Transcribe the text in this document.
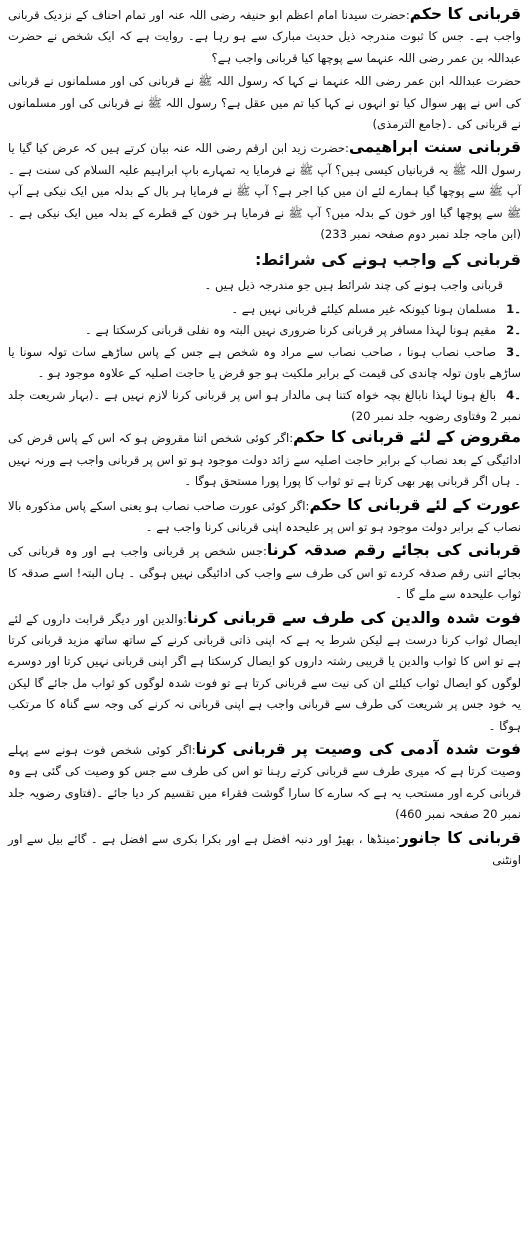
قربانی کا حکم:حضرت سیدنا امام اعظم ابو حنیفہ رضی اللہ عنہ اور تمام احناف کے نزدیک قربانی واجب ہے۔ جس کا ثبوت مندرجہ ذیل حدیث مبارک سے ہو رہا ہے۔ روایت ہے کہ ایک شخص نے حضرت عبداللہ بن عمر رضی اللہ عنہما سے پوچھا کیا قربانی واجب ہے؟

حضرت عبداللہ ابن عمر رضی اللہ عنہما نے کہا کہ رسول اللہ ﷺ نے قربانی کی اور مسلمانوں نے قربانی کی اس نے پھر سوال کیا تو انہوں نے کہا کیا تم میں عقل ہے؟ رسول اللہ ﷺ نے قربانی کی اور مسلمانوں نے قربانی کی ۔(جامع الترمذی)

قربانی سنت ابراھیمی:حضرت زید ابن ارقم رضی اللہ عنہ بیان کرتے ہیں کہ عرض کیا گیا یا رسول اللہ ﷺ یہ قربانیاں کیسی ہیں؟ آپ ﷺ نے فرمایا یہ تمہارے باپ ابراہیم علیہ السلام کی سنت ہے ۔ آپ ﷺ سے پوچھا گیا ہمارے لئے ان میں کیا اجر ہے؟ آپ ﷺ نے فرمایا ہر بال کے بدلہ میں ایک نیکی ہے آپ ﷺ سے پوچھا گیا اور خون کے بدلہ میں؟ آپ ﷺ نے فرمایا ہر خون کے قطرے کے بدلہ میں ایک نیکی ہے ۔(ابن ماجہ جلد نمبر دوم صفحہ نمبر 233)

قربانی کے واجب ہونے کی شرائط:

قربانی واجب ہونے کی چند شرائط ہیں جو مندرجہ ذیل ہیں ۔

۔1مسلمان ہونا کیونکہ غیر مسلم کیلئے قربانی نہیں ہے ۔
۔2مقیم ہونا لہذا مسافر پر قربانی کرنا ضروری نہیں البتہ وہ نفلی قربانی کرسکتا ہے ۔
۔3صاحب نصاب ہونا ، صاحب نصاب سے مراد وہ شخص ہے جس کے پاس ساڑھے سات تولہ سونا یا ساڑھے باون تولہ چاندی کی قیمت کے برابر ملکیت ہو جو قرض یا حاجت اصلیہ کے علاوہ موجود ہو ۔
۔4بالغ ہونا لہذا نابالغ بچہ خواہ کتنا ہی مالدار ہو اس پر قربانی کرنا لازم نہیں ہے ۔(بہار شریعت جلد نمبر 2 وفتاوی رضویہ جلد نمبر 20)

مقروض کے لئے قربانی کا حکم:اگر کوئی شخص اتنا مقروض ہو کہ اس کے پاس قرض کی ادائیگی کے بعد نصاب کے برابر حاجت اصلیہ سے زائد دولت موجود ہو تو اس پر قربانی واجب ہے ورنہ نہیں ۔ ہاں اگر قربانی پھر بھی کرتا ہے تو ثواب کا پورا پورا مستحق ہوگا ۔

عورت کے لئے قربانی کا حکم:اگر کوئی عورت صاحب نصاب ہو یعنی اسکے پاس مذکورہ بالا نصاب کے برابر دولت موجود ہو تو اس پر علیحدہ اپنی قربانی کرنا واجب ہے ۔

قربانی کی بجائے رقم صدقہ کرنا:جس شخص پر قربانی واجب ہے اور وہ قربانی کی بجائے اتنی رقم صدقہ کردے تو اس کی طرف سے واجب کی ادائیگی نہیں ہوگی ۔ ہاں البتہ! اسے صدقہ کا ثواب علیحدہ سے ملے گا ۔

فوت شدہ والدین کی طرف سے قربانی کرنا:والدین اور دیگر قرابت داروں کے لئے ایصال ثواب کرنا درست ہے لیکن شرط یہ ہے کہ اپنی ذاتی قربانی کرنے کے ساتھ ساتھ مزید قربانی کرتا ہے تو اس کا ثواب والدین یا قریبی رشتہ داروں کو ایصال کرسکتا ہے اگر اپنی قربانی نہیں کرتا اور دوسرے لوگوں کو ایصال ثواب کیلئے ان کی نیت سے قربانی کرتا ہے تو فوت شدہ لوگوں کو ثواب مل جائے گا لیکن یہ خود جس پر شریعت کی طرف سے قربانی واجب ہے اپنی قربانی نہ کرنے کی وجہ سے گناہ کا مرتکب ہوگا ۔

فوت شدہ آدمی کی وصیت پر قربانی کرنا:اگر کوئی شخص فوت ہونے سے پہلے وصیت کرتا ہے کہ میری طرف سے قربانی کرتے رہنا تو اس کی طرف سے جس کو وصیت کی گئی ہے وہ قربانی کرے اور مستحب یہ ہے کہ سارے کا سارا گوشت فقراء میں تقسیم کر دیا جائے ۔(فتاوی رضویہ جلد نمبر 20 صفحہ نمبر 460)

قربانی کا جانور:مینڈھا ، بھیڑ اور دنبہ افضل ہے اور بکرا بکری سے افضل ہے ۔ گائے بیل سے اور اونٹنی
